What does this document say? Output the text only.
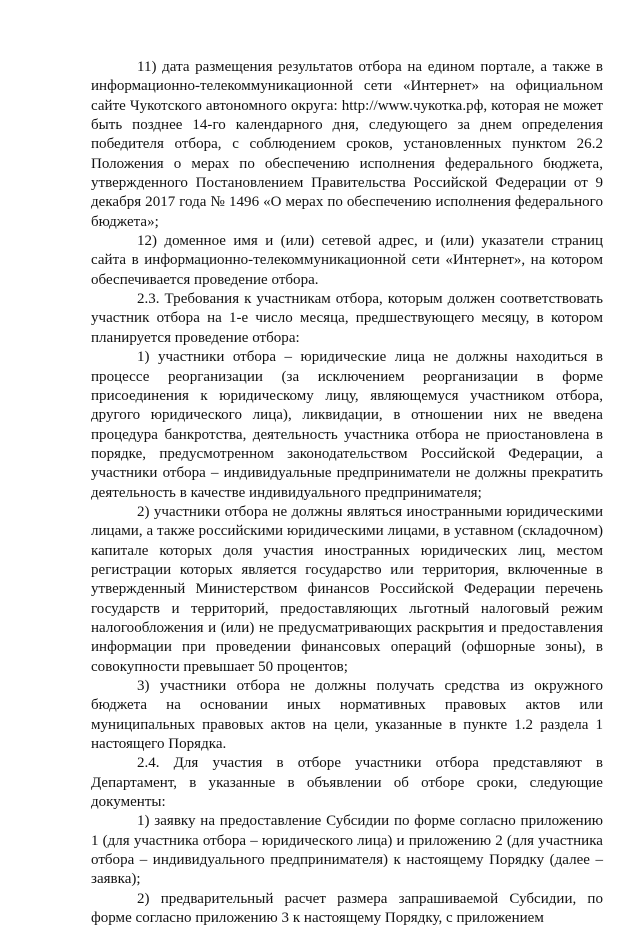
11) дата размещения результатов отбора на едином портале, а также в информационно-телекоммуникационной сети «Интернет» на официальном сайте Чукотского автономного округа: http://www.чукотка.рф, которая не может быть позднее 14-го календарного дня, следующего за днем определения победителя отбора, с соблюдением сроков, установленных пунктом 26.2 Положения о мерах по обеспечению исполнения федерального бюджета, утвержденного Постановлением Правительства Российской Федерации от 9 декабря 2017 года № 1496 «О мерах по обеспечению исполнения федерального бюджета»;

12) доменное имя и (или) сетевой адрес, и (или) указатели страниц сайта в информационно-телекоммуникационной сети «Интернет», на котором обеспечивается проведение отбора.

2.3. Требования к участникам отбора, которым должен соответствовать участник отбора на 1-е число месяца, предшествующего месяцу, в котором планируется проведение отбора:

1) участники отбора – юридические лица не должны находиться в процессе реорганизации (за исключением реорганизации в форме присоединения к юридическому лицу, являющемуся участником отбора, другого юридического лица), ликвидации, в отношении них не введена процедура банкротства, деятельность участника отбора не приостановлена в порядке, предусмотренном законодательством Российской Федерации, а участники отбора – индивидуальные предприниматели не должны прекратить деятельность в качестве индивидуального предпринимателя;

2) участники отбора не должны являться иностранными юридическими лицами, а также российскими юридическими лицами, в уставном (складочном) капитале которых доля участия иностранных юридических лиц, местом регистрации которых является государство или территория, включенные в утвержденный Министерством финансов Российской Федерации перечень государств и территорий, предоставляющих льготный налоговый режим налогообложения и (или) не предусматривающих раскрытия и предоставления информации при проведении финансовых операций (офшорные зоны), в совокупности превышает 50 процентов;

3) участники отбора не должны получать средства из окружного бюджета на основании иных нормативных правовых актов или муниципальных правовых актов на цели, указанные в пункте 1.2 раздела 1 настоящего Порядка.

2.4. Для участия в отборе участники отбора представляют в Департамент, в указанные в объявлении об отборе сроки, следующие документы:

1) заявку на предоставление Субсидии по форме согласно приложению 1 (для участника отбора – юридического лица) и приложению 2 (для участника отбора – индивидуального предпринимателя) к настоящему Порядку (далее – заявка);

2) предварительный расчет размера запрашиваемой Субсидии, по форме согласно приложению 3 к настоящему Порядку, с приложением
